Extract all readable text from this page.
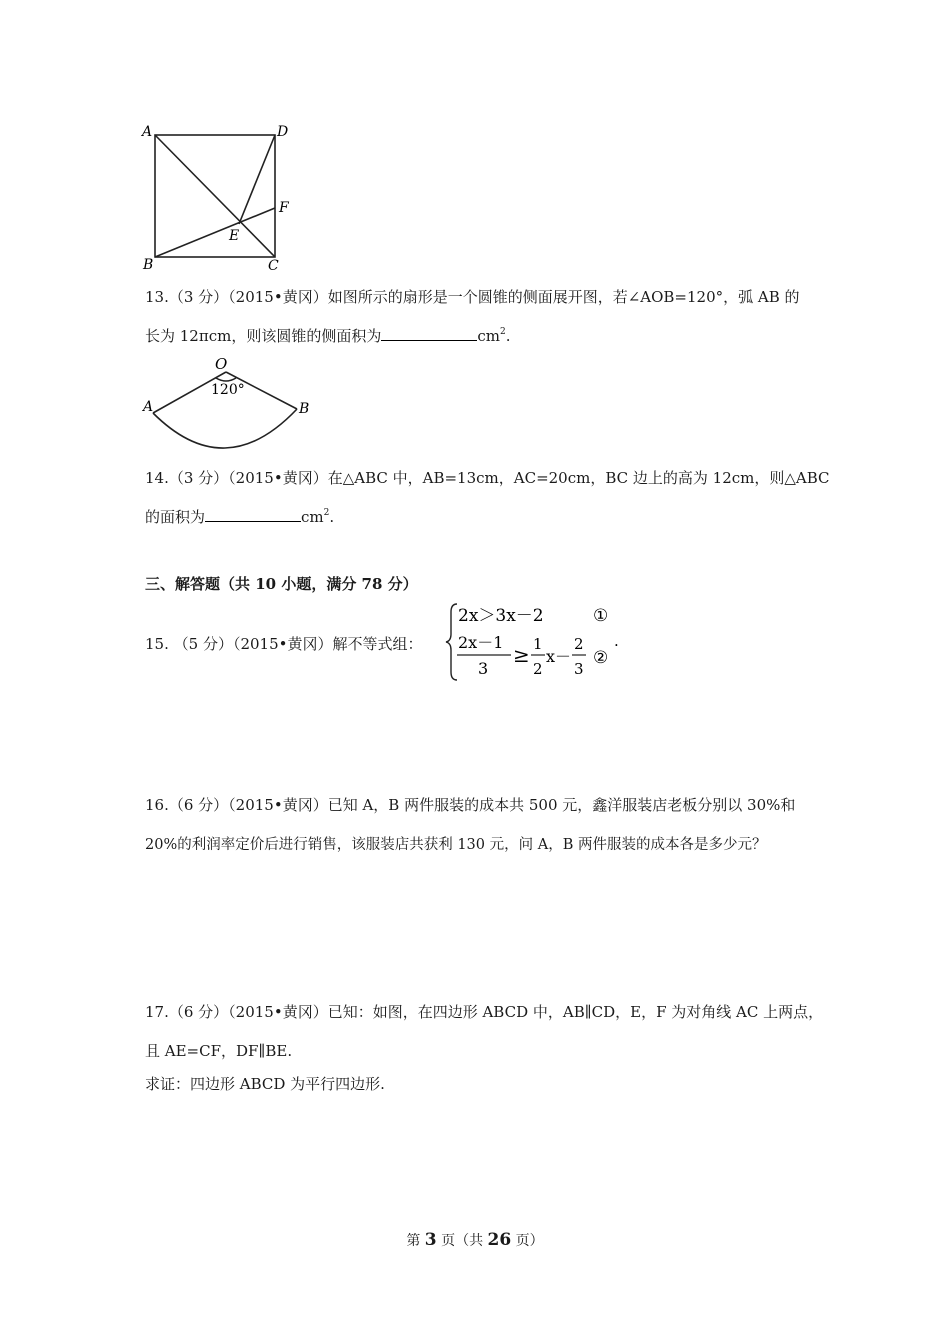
A	D
F
E
B	C
13.（3 分）（2015•黄冈）如图所示的扇形是一个圆锥的侧面展开图，若∠AOB=120°，弧 AB 的
长为 12πcm，则该圆锥的侧面积为	$cm^2$.
O
120°
A	B
14.（3 分）（2015•黄冈）在△ABC 中，AB=13cm，AC=20cm，BC 边上的高为 12cm，则△ABC
的面积为	$cm^2$.
三、解答题（共 10 小题，满分 78 分）
15. （5 分）（2015•黄冈）解不等式组：
2x＞3x－2	①
2x－1
3
≥ 1
2
x－
2
3
②
.
16.（6 分）（2015•黄冈）已知 A，B 两件服装的成本共 500 元，鑫洋服装店老板分别以 30%和
20%的利润率定价后进行销售，该服装店共获利 130 元，问 A，B 两件服装的成本各是多少元？
17.（6 分）（2015•黄冈）已知：如图，在四边形 ABCD 中，AB∥CD，E，F 为对角线 AC 上两点，
且 AE=CF，DF∥BE.
求证：四边形 ABCD 为平行四边形.
第 3 页（共 26 页）
